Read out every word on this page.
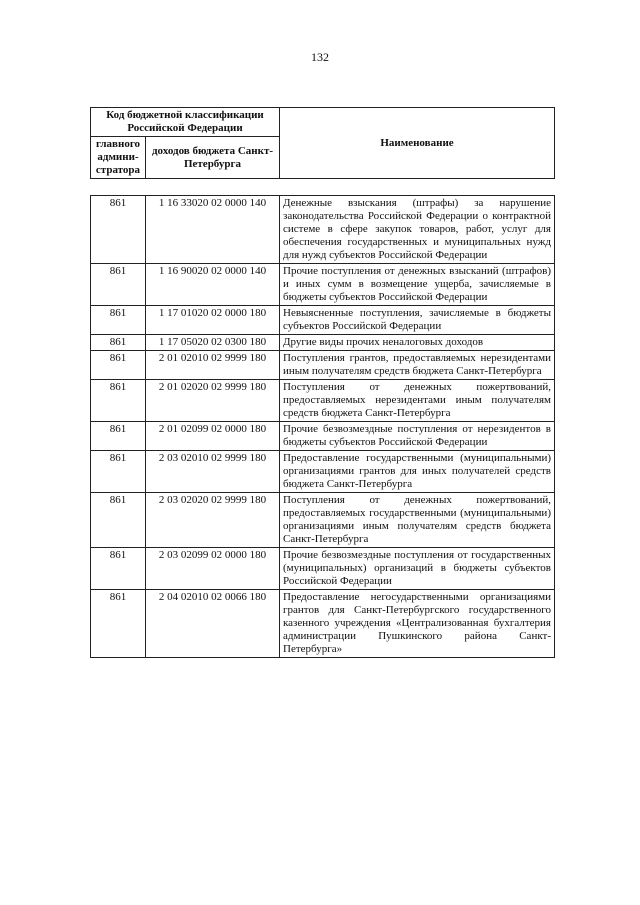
132
Код бюджетной классификации Российской Федерации		Наименование
главного админи-стратора	доходов бюджета Санкт-Петербурга	
861	1 16 33020 02 0000 140	Денежные взыскания (штрафы) за нарушение законодательства Российской Федерации о контрактной системе в сфере закупок товаров, работ, услуг для обеспечения государственных и муниципальных нужд для нужд субъектов Российской Федерации
861	1 16 90020 02 0000 140	Прочие поступления от денежных взысканий (штрафов) и иных сумм в возмещение ущерба, зачисляемые в бюджеты субъектов Российской Федерации
861	1 17 01020 02 0000 180	Невыясненные поступления, зачисляемые в бюджеты субъектов Российской Федерации
861	1 17 05020 02 0300 180	Другие виды прочих неналоговых доходов
861	2 01 02010 02 9999 180	Поступления грантов, предоставляемых нерезидентами иным получателям средств бюджета Санкт-Петербурга
861	2 01 02020 02 9999 180	Поступления от денежных пожертвований, предоставляемых нерезидентами иным получателям средств бюджета Санкт-Петербурга
861	2 01 02099 02 0000 180	Прочие безвозмездные поступления от нерезидентов в бюджеты субъектов Российской Федерации
861	2 03 02010 02 9999 180	Предоставление государственными (муниципальными) организациями грантов для иных получателей средств бюджета Санкт-Петербурга
861	2 03 02020 02 9999 180	Поступления от денежных пожертвований, предоставляемых государственными (муниципальными) организациями иным получателям средств бюджета Санкт-Петербурга
861	2 03 02099 02 0000 180	Прочие безвозмездные поступления от государственных (муниципальных) организаций в бюджеты субъектов Российской Федерации
861	2 04 02010 02 0066 180	Предоставление негосударственными организациями грантов для Санкт-Петербургского государственного казенного учреждения «Централизованная бухгалтерия администрации Пушкинского района Санкт-Петербурга»
